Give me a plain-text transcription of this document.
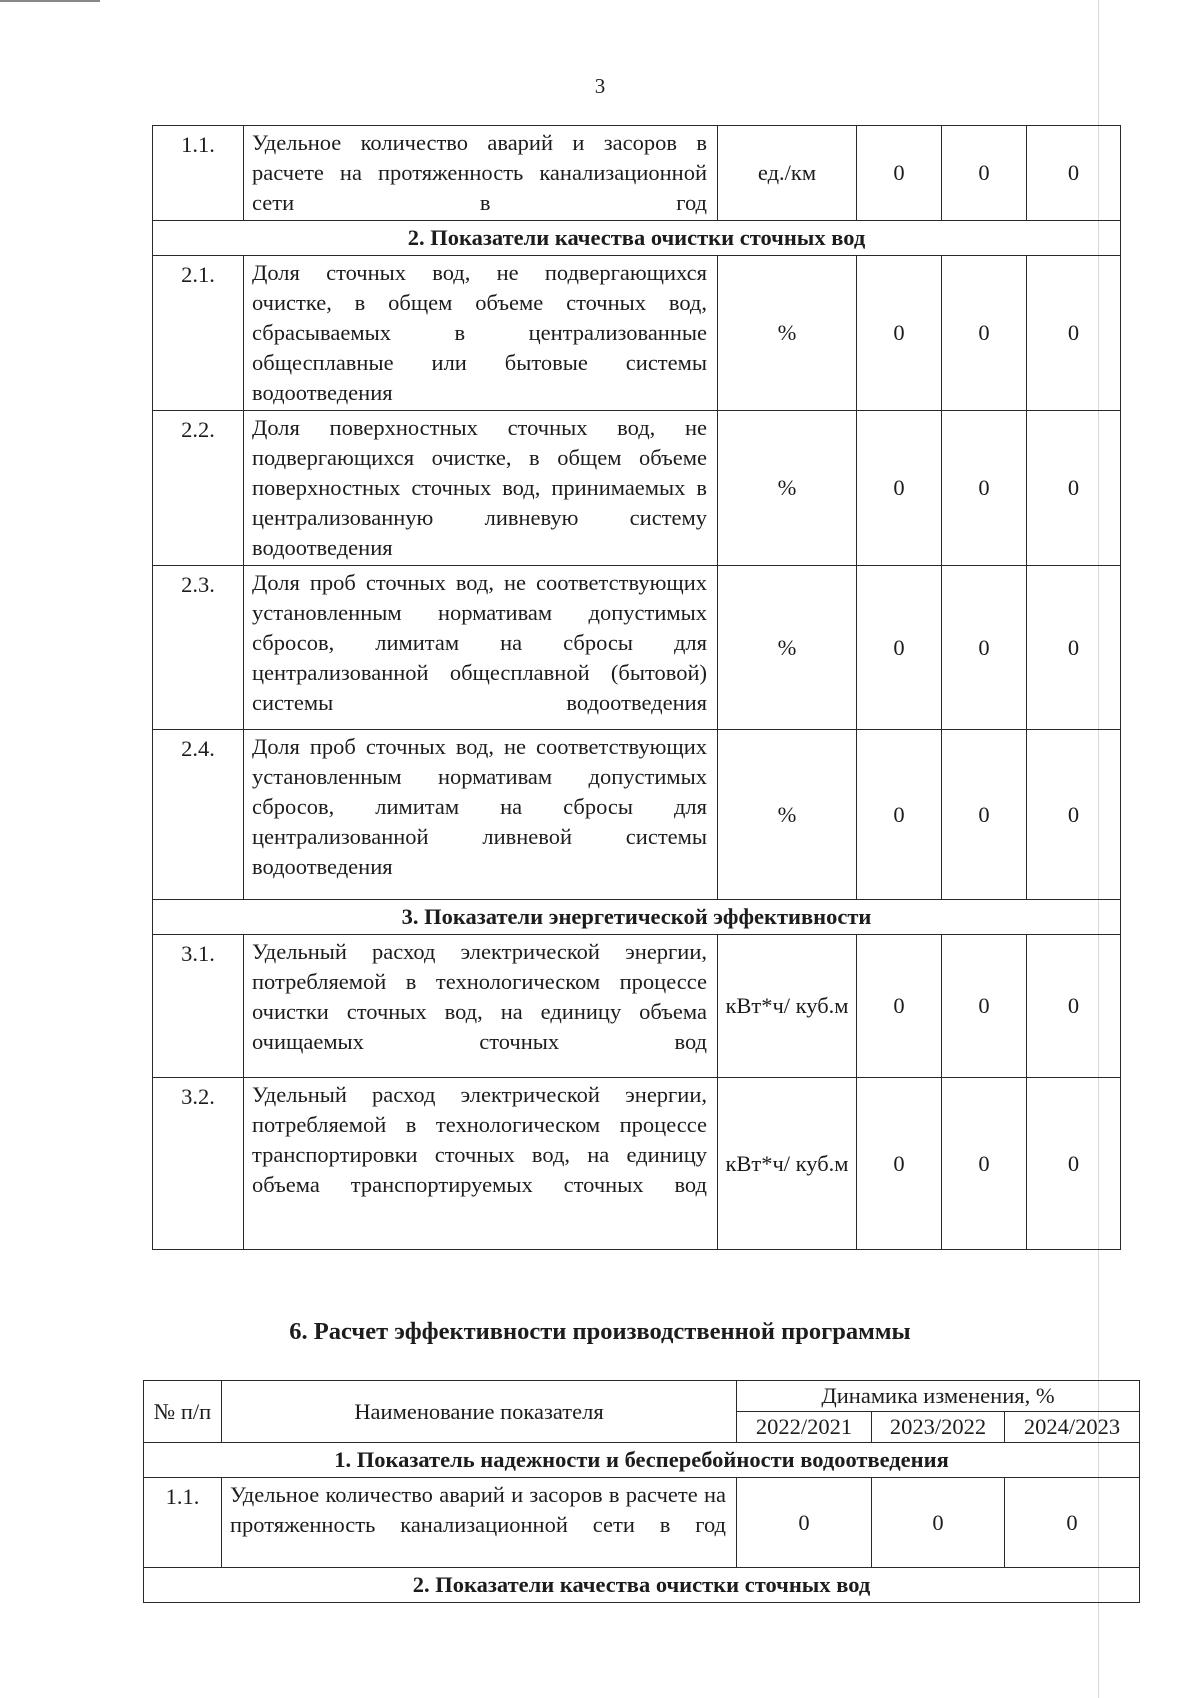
3
1.1.	Удельное количество аварий и засоров в расчете на протяженность канализационной сети в год	ед./км	0	0	0
2. Показатели качества очистки сточных вод					
2.1.	Доля сточных вод, не подвергающихся очистке, в общем объеме сточных вод, сбрасываемых в централизованные общесплавные или бытовые системы водоотведения	%	0	0	0
2.2.	Доля поверхностных сточных вод, не подвергающихся очистке, в общем объеме поверхностных сточных вод, принимаемых в централизованную ливневую систему водоотведения	%	0	0	0
2.3.	Доля проб сточных вод, не соответствующих установленным нормативам допустимых сбросов, лимитам на сбросы для централизованной общесплавной (бытовой) системы водоотведения	%	0	0	0
2.4.	Доля проб сточных вод, не соответствующих установленным нормативам допустимых сбросов, лимитам на сбросы для централизованной ливневой системы водоотведения	%	0	0	0
3. Показатели энергетической эффективности					
3.1.	Удельный расход электрической энергии, потребляемой в технологическом процессе очистки сточных вод, на единицу объема очищаемых сточных вод	кВт*ч/ куб.м	0	0	0
3.2.	Удельный расход электрической энергии, потребляемой в технологическом процессе транспортировки сточных вод, на единицу объема транспортируемых сточных вод	кВт*ч/ куб.м	0	0	0
6. Расчет эффективности производственной программы
№ п/п	Наименование показателя	Динамика изменения, %		
		2022/2021	2023/2022	2024/2023
1. Показатель надежности и бесперебойности водоотведения				
1.1.	Удельное количество аварий и засоров в расчете на протяженность канализационной сети в год	0	0	0
2. Показатели качества очистки сточных вод				
